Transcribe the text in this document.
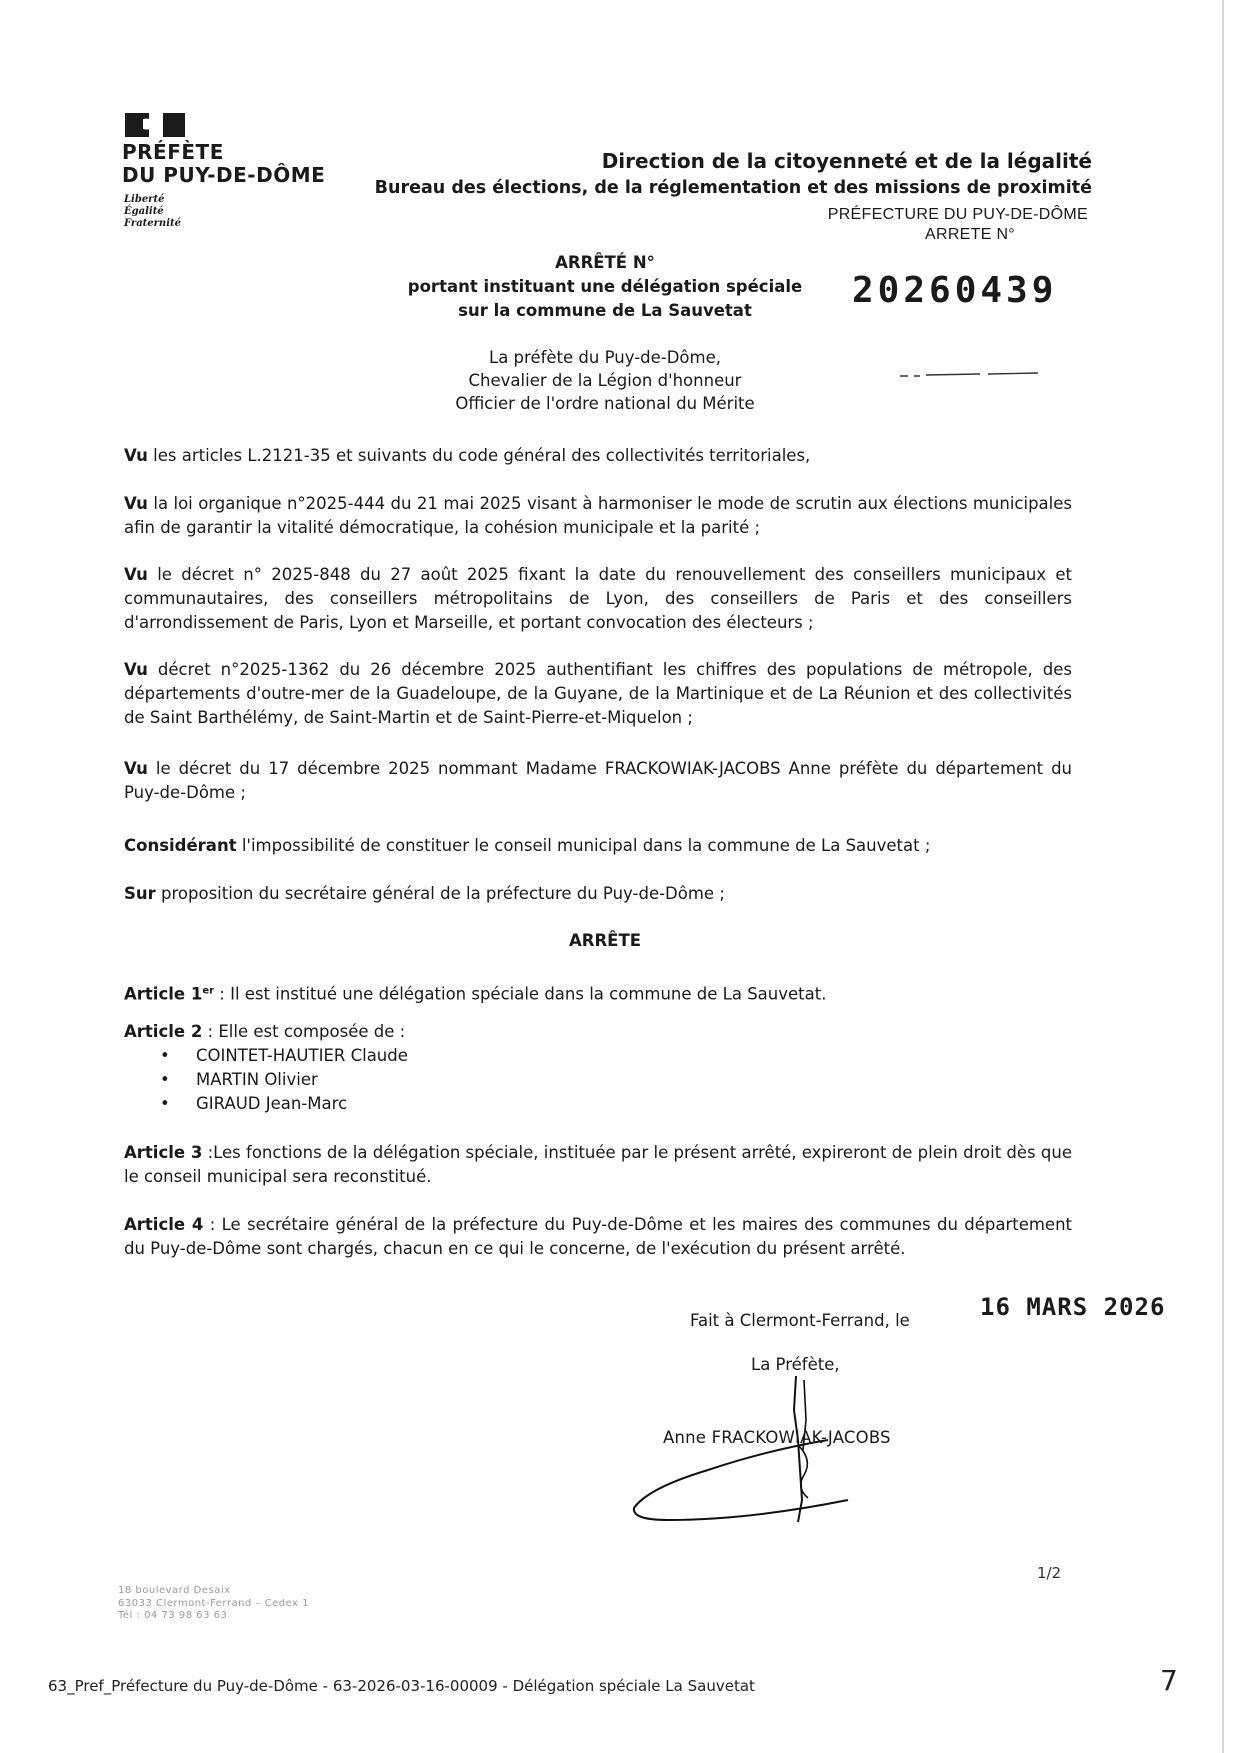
PRÉFÈTE
DU PUY-DE-DÔME
Liberté
Égalité
Fraternité
Direction de la citoyenneté et de la légalité
Bureau des élections, de la réglementation et des missions de proximité
PRÉFECTURE DU PUY-DE-DÔME
ARRETE N°
20260439
ARRÊTÉ N°
portant instituant une délégation spéciale
sur la commune de La Sauvetat
La préfète du Puy-de-Dôme,
Chevalier de la Légion d'honneur
Officier de l'ordre national du Mérite
Vu les articles L.2121-35 et suivants du code général des collectivités territoriales,
Vu la loi organique n°2025-444 du 21 mai 2025 visant à harmoniser le mode de scrutin aux élections municipales afin de garantir la vitalité démocratique, la cohésion municipale et la parité ;
Vu le décret n° 2025-848 du 27 août 2025 fixant la date du renouvellement des conseillers municipaux et communautaires, des conseillers métropolitains de Lyon, des conseillers de Paris et des conseillers d'arrondissement de Paris, Lyon et Marseille, et portant convocation des électeurs ;
Vu décret n°2025-1362 du 26 décembre 2025 authentifiant les chiffres des populations de métropole, des départements d'outre-mer de la Guadeloupe, de la Guyane, de la Martinique et de La Réunion et des collectivités de Saint Barthélémy, de Saint-Martin et de Saint-Pierre-et-Miquelon ;
Vu le décret du 17 décembre 2025 nommant Madame FRACKOWIAK-JACOBS Anne préfète du département du Puy-de-Dôme ;
Considérant l'impossibilité de constituer le conseil municipal dans la commune de La Sauvetat ;
Sur proposition du secrétaire général de la préfecture du Puy-de-Dôme ;
ARRÊTE
Article 1er : Il est institué une délégation spéciale dans la commune de La Sauvetat.
Article 2 : Elle est composée de :
• COINTET-HAUTIER Claude
• MARTIN Olivier
• GIRAUD Jean-Marc
Article 3 :Les fonctions de la délégation spéciale, instituée par le présent arrêté, expireront de plein droit dès que le conseil municipal sera reconstitué.
Article 4 : Le secrétaire général de la préfecture du Puy-de-Dôme et les maires des communes du département du Puy-de-Dôme sont chargés, chacun en ce qui le concerne, de l'exécution du présent arrêté.
Fait à Clermont-Ferrand, le	16 MARS 2026
La Préfète,
Anne FRACKOWIAK-JACOBS
1/2
18 boulevard Desaix
63033 Clermont-Ferrand – Cedex 1
Tél : 04 73 98 63 63
63_Pref_Préfecture du Puy-de-Dôme - 63-2026-03-16-00009 - Délégation spéciale La Sauvetat	7
